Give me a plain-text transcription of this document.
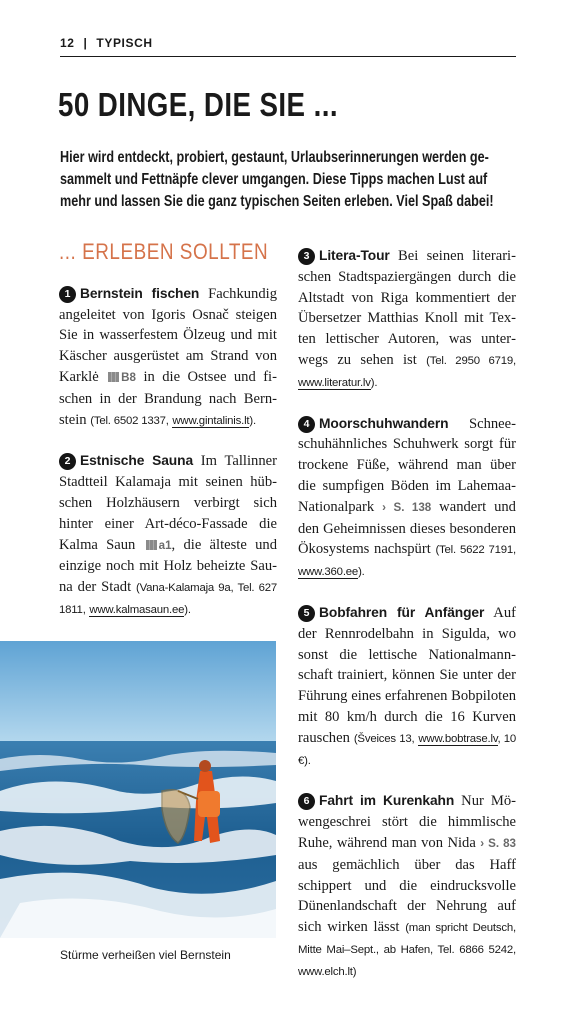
12 | TYPISCH
50 DINGE, DIE SIE ...

Hier wird entdeckt, probiert, gestaunt, Urlaubserinnerungen werden gesammelt und Fettnäpfe clever umgangen. Diese Tipps machen Lust auf mehr und lassen Sie die ganz typischen Seiten erleben. Viel Spaß dabei!

... ERLEBEN SOLLTEN

1 Bernstein fischen Fachkundig angeleitet von Igoris Osnač steigen Sie in wasserfestem Ölzeug und mit Käscher ausgerüstet am Strand von Karklė B8 in die Ostsee und fischen in der Brandung nach Bernstein (Tel. 6502 1337, www.gintalinis.lt).

2 Estnische Sauna Im Tallinner Stadtteil Kalamaja mit seinen hübschen Holzhäusern verbirgt sich hinter einer Art-déco-Fassade die Kalma Saun a1, die älteste und einzige noch mit Holz beheizte Sauna der Stadt (Vana-Kalamaja 9a, Tel. 627 1811, www.kalmasaun.ee).

Stürme verheißen viel Bernstein

3 Litera-Tour Bei seinen literarischen Stadtspaziergängen durch die Altstadt von Riga kommentiert der Übersetzer Matthias Knoll mit Texten lettischer Autoren, was unterwegs zu sehen ist (Tel. 2950 6719, www.literatur.lv).

4 Moorschuhwandern Schneeschuhähnliches Schuhwerk sorgt für trockene Füße, während man über die sumpfigen Böden im Lahemaa-Nationalpark › S. 138 wandert und den Geheimnissen dieses besonderen Ökosystems nachspürt (Tel. 5622 7191, www.360.ee).

5 Bobfahren für Anfänger Auf der Rennrodelbahn in Sigulda, wo sonst die lettische Nationalmannschaft trainiert, können Sie unter der Führung eines erfahrenen Bobpiloten mit 80 km/h durch die 16 Kurven rauschen (Šveices 13, www.bobtrase.lv, 10 €).

6 Fahrt im Kurenkahn Nur Möwengeschrei stört die himmlische Ruhe, während man von Nida › S. 83 aus gemächlich über das Haff schippert und die eindrucksvolle Dünenlandschaft der Nehrung auf sich wirken lässt (man spricht Deutsch, Mitte Mai–Sept., ab Hafen, Tel. 6866 5242, www.elch.lt)
